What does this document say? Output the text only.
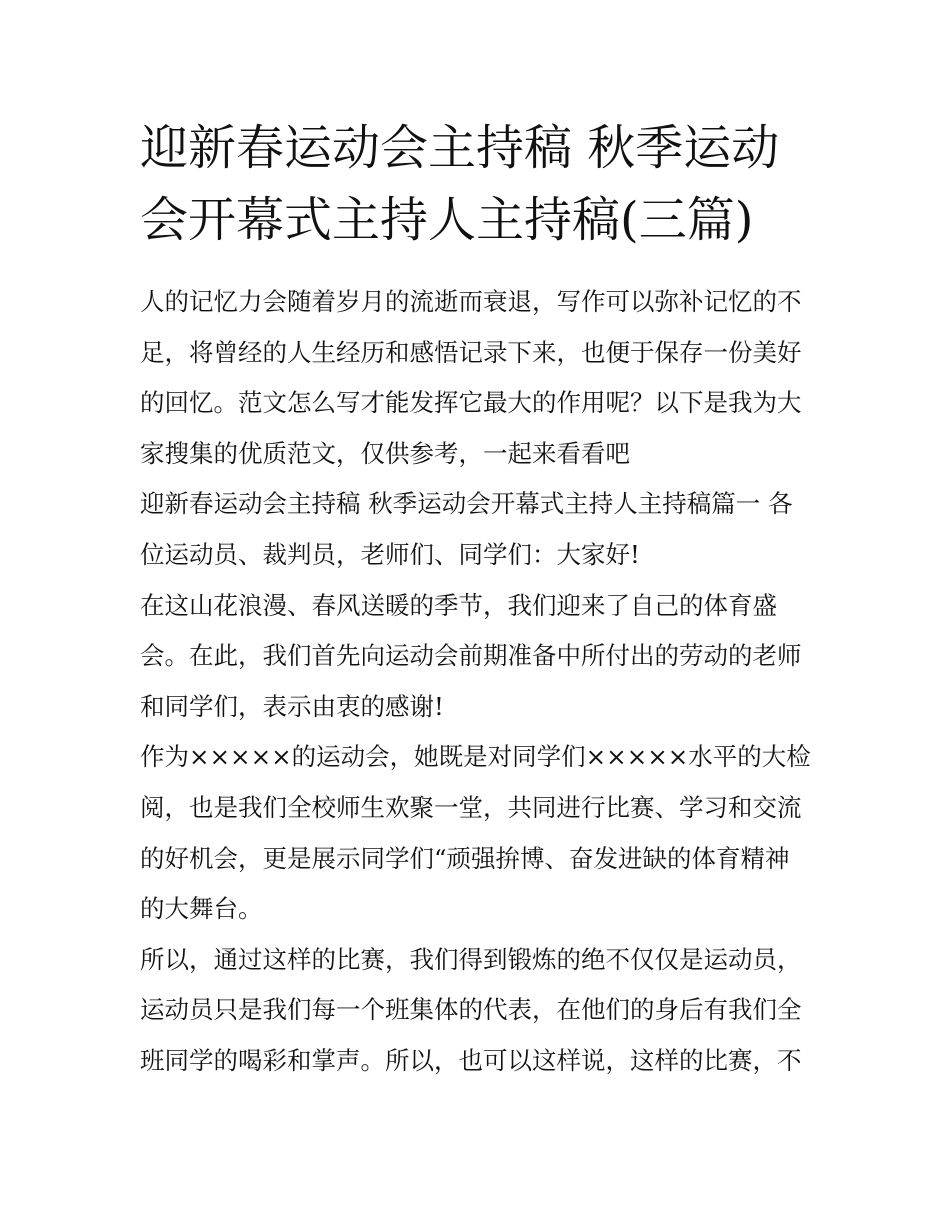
迎新春运动会主持稿 秋季运动会开幕式主持人主持稿(三篇)

人的记忆力会随着岁月的流逝而衰退，写作可以弥补记忆的不足，将曾经的人生经历和感悟记录下来，也便于保存一份美好的回忆。范文怎么写才能发挥它最大的作用呢？以下是我为大家搜集的优质范文，仅供参考，一起来看看吧

迎新春运动会主持稿 秋季运动会开幕式主持人主持稿篇一 各位运动员、裁判员，老师们、同学们：大家好!

在这山花浪漫、春风送暖的季节，我们迎来了自己的体育盛会。在此，我们首先向运动会前期准备中所付出的劳动的老师和同学们，表示由衷的感谢!

作为×××××的运动会，她既是对同学们×××××水平的大检阅，也是我们全校师生欢聚一堂，共同进行比赛、学习和交流的好机会，更是展示同学们“顽强拚博、奋发进缺的体育精神的大舞台。

所以，通过这样的比赛，我们得到锻炼的绝不仅仅是运动员，运动员只是我们每一个班集体的代表，在他们的身后有我们全班同学的喝彩和掌声。所以，也可以这样说，这样的比赛，不
